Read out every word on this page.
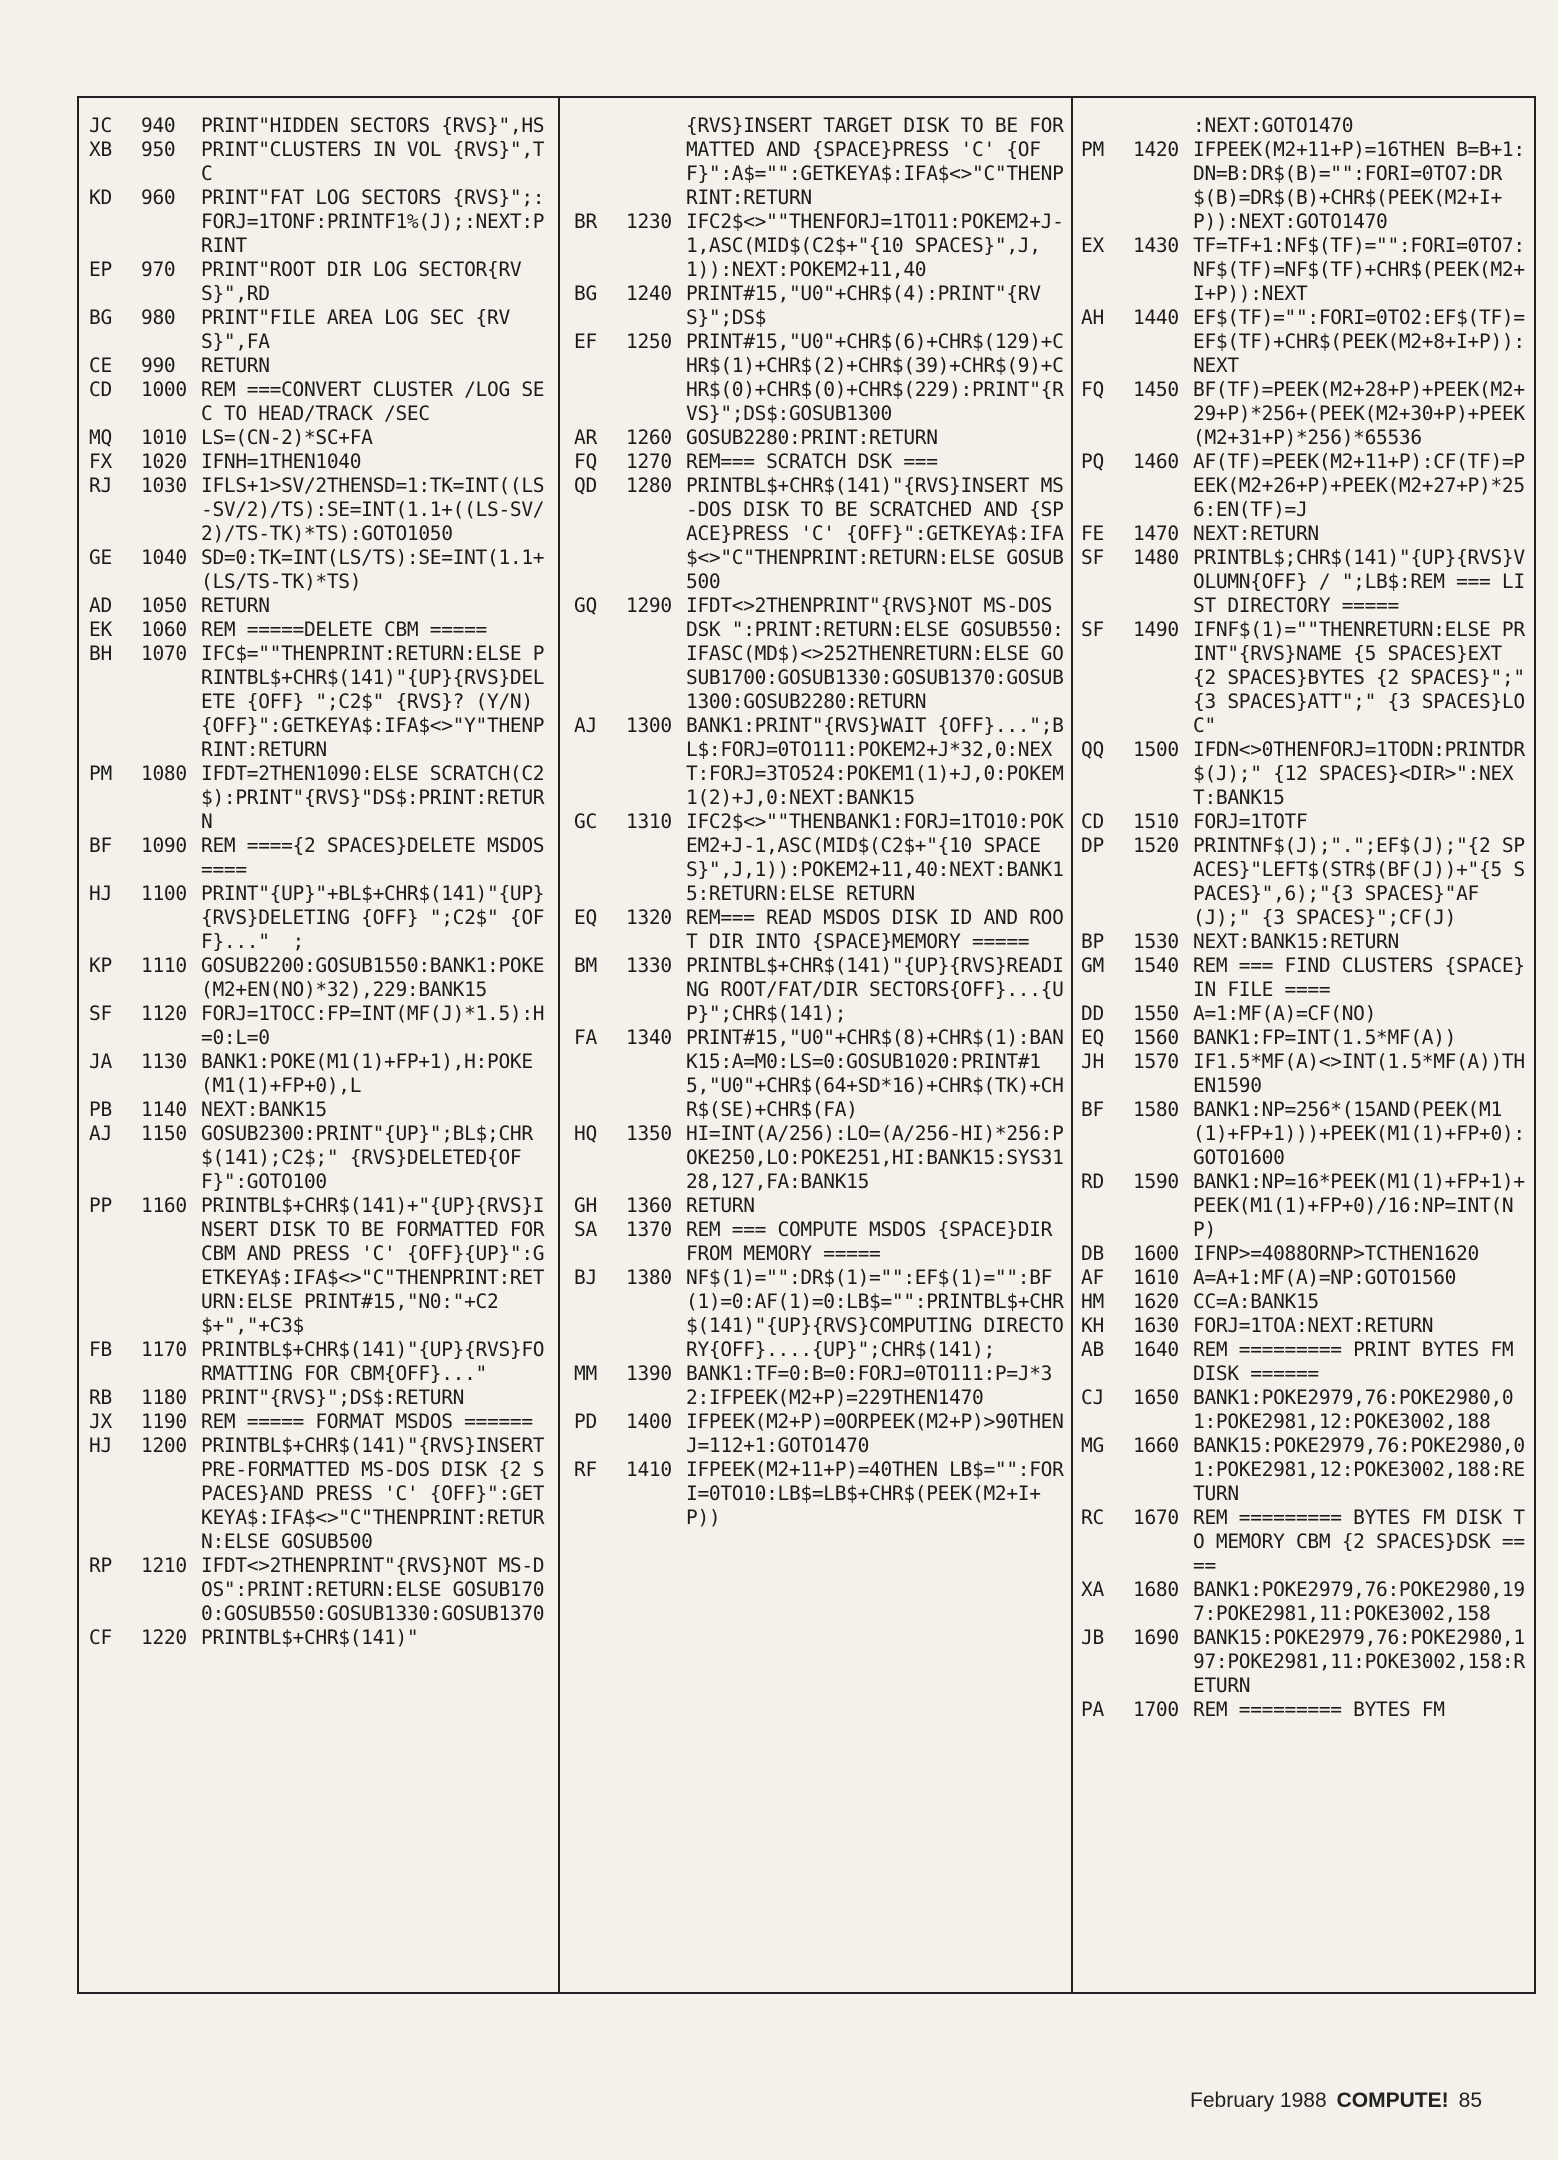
JC	940	PRINT"HIDDEN SECTORS {RVS}",HS
XB	950	PRINT"CLUSTERS IN VOL {RVS}",TC
KD	960	PRINT"FAT LOG SECTORS {RVS}";:FORJ=1TONF:PRINTF1%(J);:NEXT:PRINT
EP	970	PRINT"ROOT DIR LOG SECTOR{RVS}",RD
BG	980	PRINT"FILE AREA LOG SEC {RVS}",FA
CE	990	RETURN
CD	1000 REM ===CONVERT CLUSTER /LOG SEC TO HEAD/TRACK /SEC
MQ	1010 LS=(CN-2)*SC+FA
FX	1020 IFNH=1THEN1040
RJ	1030 IFLS+1>SV/2THENSD=1:TK=INT((LS-SV/2)/TS):SE=INT(1.1+((LS-SV/2)/TS-TK)*TS):GOTO1050
GE	1040 SD=0:TK=INT(LS/TS):SE=INT(1.1+(LS/TS-TK)*TS)
AD	1050 RETURN
EK	1060 REM =====DELETE CBM =====
BH	1070 IFC$=""THENPRINT:RETURN:ELSE PRINTBL$+CHR$(141)"{UP}{RVS}DELETE {OFF} ";C2$" {RVS}? (Y/N){OFF}":GETKEYA$:IFA$<>"Y"THENPRINT:RETURN
PM	1080 IFDT=2THEN1090:ELSE SCRATCH(C2$):PRINT"{RVS}"DS$:PRINT:RETURN
BF	1090 REM ===={2 SPACES}DELETE MSDOS ====
HJ	1100 PRINT"{UP}"+BL$+CHR$(141)"{UP}{RVS}DELETING {OFF} ";C2$" {OFF}..."  ;
KP	1110 GOSUB2200:GOSUB1550:BANK1:POKE(M2+EN(NO)*32),229:BANK15
SF	1120 FORJ=1TOCC:FP=INT(MF(J)*1.5):H=0:L=0
JA	1130 BANK1:POKE(M1(1)+FP+1),H:POKE(M1(1)+FP+0),L
PB	1140 NEXT:BANK15
AJ	1150 GOSUB2300:PRINT"{UP}";BL$;CHR$(141);C2$;" {RVS}DELETED{OFF}":GOTO100
PP	1160 PRINTBL$+CHR$(141)+"{UP}{RVS}INSERT DISK TO BE FORMATTED FOR CBM AND PRESS 'C' {OFF}{UP}":GETKEYA$:IFA$<>"C"THENPRINT:RETURN:ELSE PRINT#15,"N0:"+C2$+","+C3$
FB	1170 PRINTBL$+CHR$(141)"{UP}{RVS}FORMATTING FOR CBM{OFF}..."
RB	1180 PRINT"{RVS}";DS$:RETURN
JX	1190 REM ===== FORMAT MSDOS ======
HJ	1200 PRINTBL$+CHR$(141)"{RVS}INSERT PRE-FORMATTED MS-DOS DISK {2 SPACES}AND PRESS 'C' {OFF}":GETKEYA$:IFA$<>"C"THENPRINT:RETURN:ELSE GOSUB500
RP	1210 IFDT<>2THENPRINT"{RVS}NOT MS-DOS":PRINT:RETURN:ELSE GOSUB1700:GOSUB550:GOSUB1330:GOSUB1370
CF	1220 PRINTBL$+CHR$(141)"
{RVS}INSERT TARGET DISK TO BE FORMATTED AND {SPACE}PRESS 'C' {OFF}":A$="":GETKEYA$:IFA$<>"C"THENPRINT:RETURN
BR	1230 IFC2$<>""THENFORJ=1TO11:POKEM2+J-1,ASC(MID$(C2$+"{10 SPACES}",J,1)):NEXT:POKEM2+11,40
BG	1240 PRINT#15,"U0"+CHR$(4):PRINT"{RVS}";DS$
EF	1250 PRINT#15,"U0"+CHR$(6)+CHR$(129)+CHR$(1)+CHR$(2)+CHR$(39)+CHR$(9)+CHR$(0)+CHR$(0)+CHR$(229):PRINT"{RVS}";DS$:GOSUB1300
AR	1260 GOSUB2280:PRINT:RETURN
FQ	1270 REM=== SCRATCH DSK ===
QD	1280 PRINTBL$+CHR$(141)"{RVS}INSERT MS-DOS DISK TO BE SCRATCHED AND {SPACE}PRESS 'C' {OFF}":GETKEYA$:IFA$<>"C"THENPRINT:RETURN:ELSE GOSUB500
GQ	1290 IFDT<>2THENPRINT"{RVS}NOT MS-DOS DSK ":PRINT:RETURN:ELSE GOSUB550:IFASC(MD$)<>252THENRETURN:ELSE GOSUB1700:GOSUB1330:GOSUB1370:GOSUB1300:GOSUB2280:RETURN
AJ	1300 BANK1:PRINT"{RVS}WAIT {OFF}...";BL$:FORJ=0TO111:POKEM2+J*32,0:NEXT:FORJ=3TO524:POKEM1(1)+J,0:POKEM1(2)+J,0:NEXT:BANK15
GC	1310 IFC2$<>""THENBANK1:FORJ=1TO10:POKEM2+J-1,ASC(MID$(C2$+"{10 SPACES}",J,1)):POKEM2+11,40:NEXT:BANK15:RETURN:ELSE RETURN
EQ	1320 REM=== READ MSDOS DISK ID AND ROOT DIR INTO {SPACE}MEMORY =====
BM	1330 PRINTBL$+CHR$(141)"{UP}{RVS}READING ROOT/FAT/DIR SECTORS{OFF}...{UP}";CHR$(141);
FA	1340 PRINT#15,"U0"+CHR$(8)+CHR$(1):BANK15:A=M0:LS=0:GOSUB1020:PRINT#15,"U0"+CHR$(64+SD*16)+CHR$(TK)+CHR$(SE)+CHR$(FA)
HQ	1350 HI=INT(A/256):LO=(A/256-HI)*256:POKE250,LO:POKE251,HI:BANK15:SYS3128,127,FA:BANK15
GH	1360 RETURN
SA	1370 REM === COMPUTE MSDOS {SPACE}DIR FROM MEMORY =====
BJ	1380 NF$(1)="":DR$(1)="":EF$(1)="":BF(1)=0:AF(1)=0:LB$="":PRINTBL$+CHR$(141)"{UP}{RVS}COMPUTING DIRECTORY{OFF}....{UP}";CHR$(141);
MM	1390 BANK1:TF=0:B=0:FORJ=0TO111:P=J*32:IFPEEK(M2+P)=229THEN1470
PD	1400 IFPEEK(M2+P)=0ORPEEK(M2+P)>90THENJ=112+1:GOTO1470
RF	1410 IFPEEK(M2+11+P)=40THEN LB$="":FORI=0TO10:LB$=LB$+CHR$(PEEK(M2+I+P))
:NEXT:GOTO1470
PM	1420 IFPEEK(M2+11+P)=16THEN B=B+1:DN=B:DR$(B)="":FORI=0TO7:DR$(B)=DR$(B)+CHR$(PEEK(M2+I+P)):NEXT:GOTO1470
EX	1430 TF=TF+1:NF$(TF)="":FORI=0TO7:NF$(TF)=NF$(TF)+CHR$(PEEK(M2+I+P)):NEXT
AH	1440 EF$(TF)="":FORI=0TO2:EF$(TF)=EF$(TF)+CHR$(PEEK(M2+8+I+P)):NEXT
FQ	1450 BF(TF)=PEEK(M2+28+P)+PEEK(M2+29+P)*256+(PEEK(M2+30+P)+PEEK(M2+31+P)*256)*65536
PQ	1460 AF(TF)=PEEK(M2+11+P):CF(TF)=PEEK(M2+26+P)+PEEK(M2+27+P)*256:EN(TF)=J
FE	1470 NEXT:RETURN
SF	1480 PRINTBL$;CHR$(141)"{UP}{RVS}VOLUMN{OFF} / ";LB$:REM === LIST DIRECTORY =====
SF	1490 IFNF$(1)=""THENRETURN:ELSE PRINT"{RVS}NAME {5 SPACES}EXT {2 SPACES}BYTES {2 SPACES}";" {3 SPACES}ATT";" {3 SPACES}LOC"
QQ	1500 IFDN<>0THENFORJ=1TODN:PRINTDR$(J);" {12 SPACES}<DIR>":NEXT:BANK15
CD	1510 FORJ=1TOTF
DP	1520 PRINTNF$(J);".";EF$(J);"{2 SPACES}"LEFT$(STR$(BF(J))+"{5 SPACES}",6);"{3 SPACES}"AF(J);" {3 SPACES}";CF(J)
BP	1530 NEXT:BANK15:RETURN
GM	1540 REM === FIND CLUSTERS {SPACE}IN FILE ====
DD	1550 A=1:MF(A)=CF(NO)
EQ	1560 BANK1:FP=INT(1.5*MF(A))
JH	1570 IF1.5*MF(A)<>INT(1.5*MF(A))THEN1590
BF	1580 BANK1:NP=256*(15AND(PEEK(M1(1)+FP+1)))+PEEK(M1(1)+FP+0):GOTO1600
RD	1590 BANK1:NP=16*PEEK(M1(1)+FP+1)+PEEK(M1(1)+FP+0)/16:NP=INT(NP)
DB	1600 IFNP>=4088ORNP>TCTHEN1620
AF	1610 A=A+1:MF(A)=NP:GOTO1560
HM	1620 CC=A:BANK15
KH	1630 FORJ=1TOA:NEXT:RETURN
AB	1640 REM ========= PRINT BYTES FM DISK ======
CJ	1650 BANK1:POKE2979,76:POKE2980,01:POKE2981,12:POKE3002,188
MG	1660 BANK15:POKE2979,76:POKE2980,01:POKE2981,12:POKE3002,188:RETURN
RC	1670 REM ========= BYTES FM DISK TO MEMORY CBM {2 SPACES}DSK ====
XA	1680 BANK1:POKE2979,76:POKE2980,197:POKE2981,11:POKE3002,158
JB	1690 BANK15:POKE2979,76:POKE2980,197:POKE2981,11:POKE3002,158:RETURN
PA	1700 REM ========= BYTES FM
February 1988 COMPUTE! 85
